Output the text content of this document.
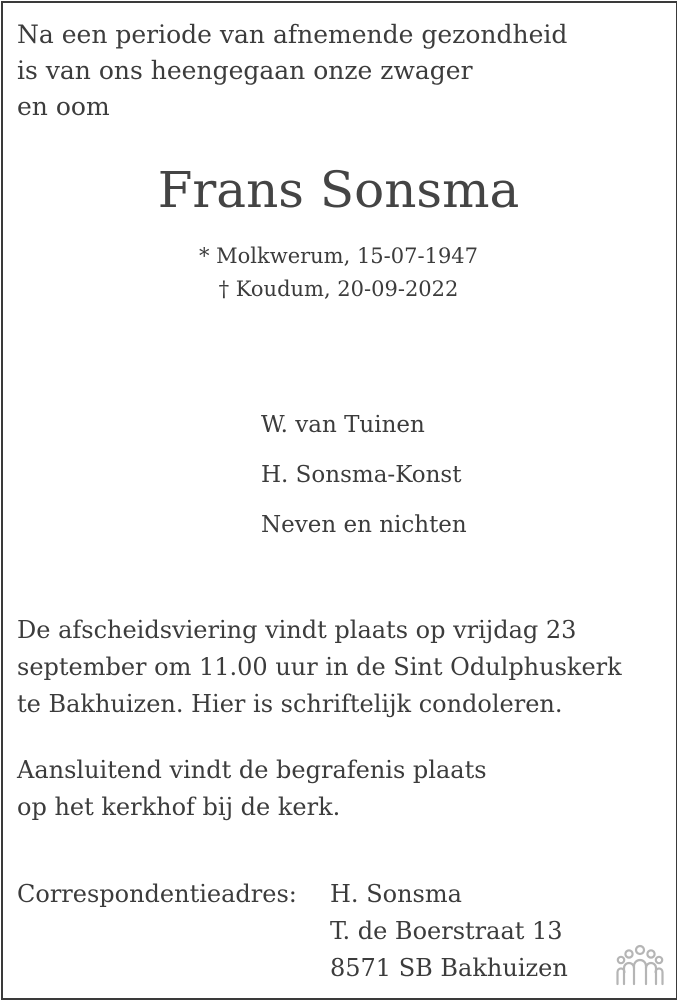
Na een periode van afnemende gezondheid
is van ons heengegaan onze zwager
en oom
Frans Sonsma
* Molkwerum, 15-07-1947
† Koudum, 20-09-2022
W. van Tuinen
H. Sonsma-Konst
Neven en nichten
De afscheidsviering vindt plaats op vrijdag 23
september om 11.00 uur in de Sint Odulphuskerk
te Bakhuizen. Hier is schriftelijk condoleren.
Aansluitend vindt de begrafenis plaats
op het kerkhof bij de kerk.
Correspondentieadres: H. Sonsma
T. de Boerstraat 13
8571 SB Bakhuizen
